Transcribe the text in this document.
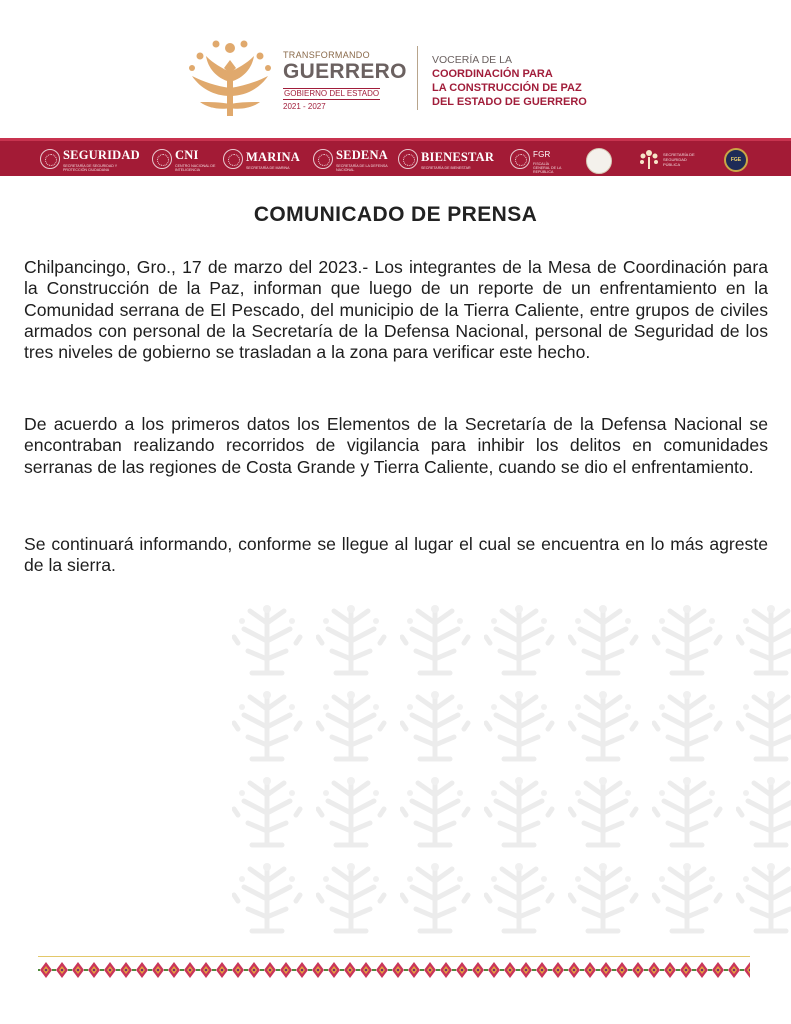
TRANSFORMANDO
GUERRERO
GOBIERNO DEL ESTADO
2021 - 2027
VOCERÍA DE LA
COORDINACIÓN PARA
LA CONSTRUCCIÓN DE PAZ
DEL ESTADO DE GUERRERO
SEGURIDAD
SECRETARÍA DE SEGURIDAD Y PROTECCIÓN CIUDADANA
CNI
CENTRO NACIONAL DE INTELIGENCIA
MARINA
SECRETARÍA DE MARINA
SEDENA
SECRETARÍA DE LA DEFENSA NACIONAL
BIENESTAR
SECRETARÍA DE BIENESTAR
FGR
FISCALÍA GENERAL DE LA REPÚBLICA
SECRETARÍA DE SEGURIDAD PÚBLICA
FGE
COMUNICADO DE PRENSA
Chilpancingo, Gro., 17 de marzo del 2023.- Los integrantes de la Mesa de Coordinación para la Construcción de la Paz, informan que luego de un reporte de un enfrentamiento en la Comunidad serrana de El Pescado, del municipio de la Tierra Caliente, entre grupos de civiles armados con personal de la Secretaría de la Defensa Nacional, personal de Seguridad de los tres niveles de gobierno se trasladan a la zona para verificar este hecho.
De acuerdo a los primeros datos los Elementos de la Secretaría de la Defensa Nacional se encontraban realizando recorridos de vigilancia para inhibir los delitos en comunidades serranas de las regiones de Costa Grande y Tierra Caliente, cuando se dio el enfrentamiento.
Se continuará informando, conforme se llegue al lugar el cual se encuentra en lo más agreste de la sierra.
